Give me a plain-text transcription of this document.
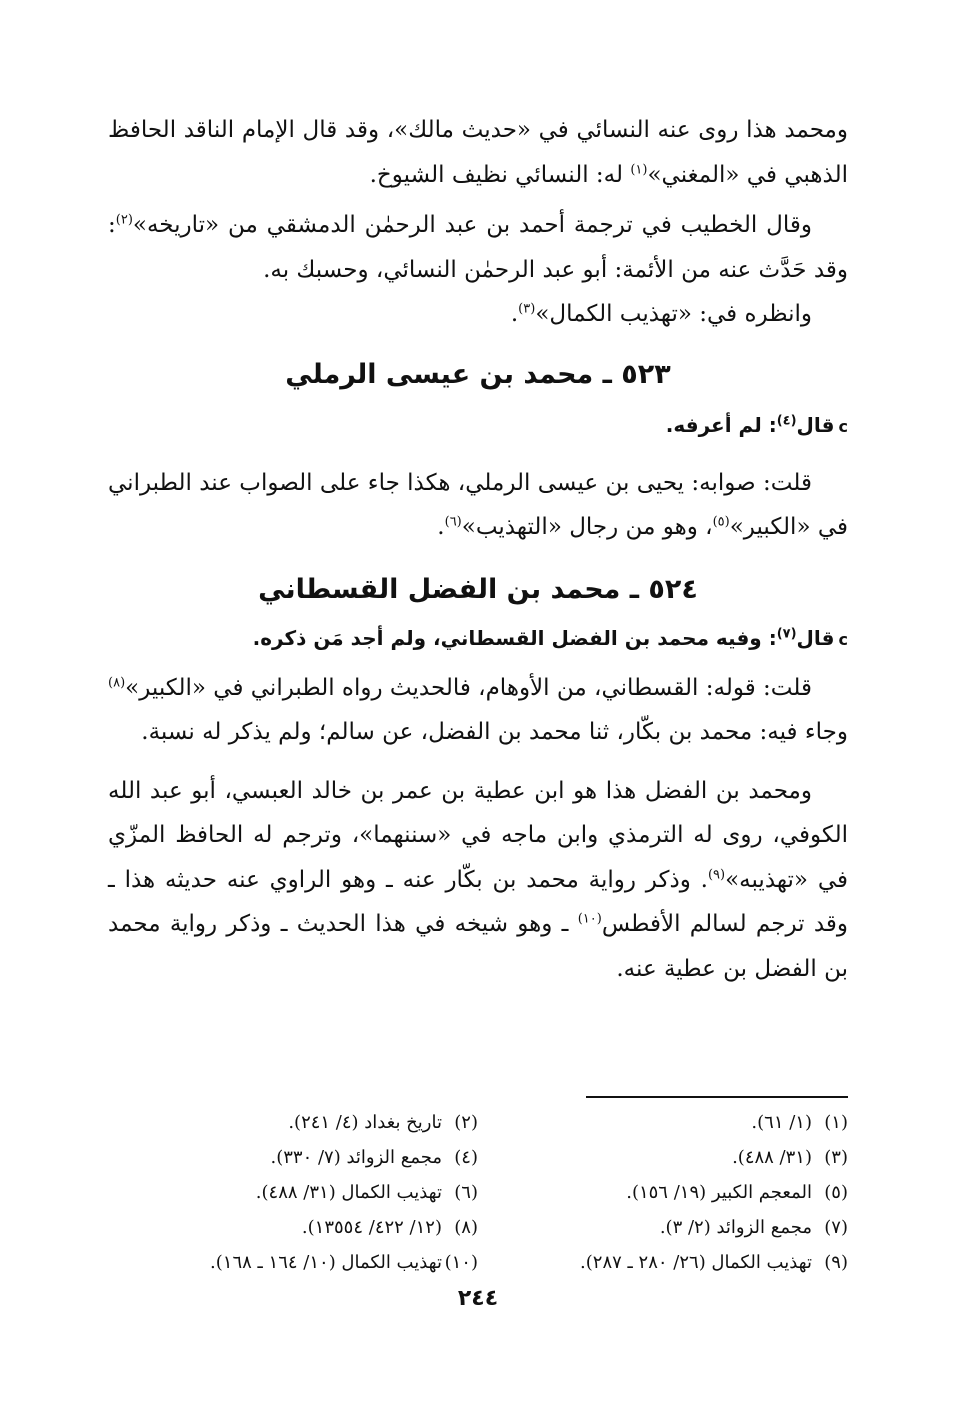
ومحمد هذا روى عنه النسائي في «حديث مالك»، وقد قال الإمام الناقد الحافظ الذهبي في «المغني»$^{(١)}$ له: النسائي نظيف الشيوخ.

وقال الخطيب في ترجمة أحمد بن عبد الرحمٰن الدمشقي من «تاريخه»$^{(٢)}$: وقد حَدَّث عنه من الأئمة: أبو عبد الرحمٰن النسائي، وحسبك به.

وانظره في: «تهذيب الكمال»$^{(٣)}$.

٥٢٣ ـ محمد بن عيسى الرملي

cقال$^{(٤)}$: لم أعرفه.

قلت: صوابه: يحيى بن عيسى الرملي، هكذا جاء على الصواب عند الطبراني في «الكبير»$^{(٥)}$، وهو من رجال «التهذيب»$^{(٦)}$.

٥٢٤ ـ محمد بن الفضل القسطاني

cقال$^{(٧)}$: وفيه محمد بن الفضل القسطاني، ولم أجد مَن ذكره.

قلت: قوله: القسطاني، من الأوهام، فالحديث رواه الطبراني في «الكبير»$^{(٨)}$ وجاء فيه: محمد بن بكّار، ثنا محمد بن الفضل، عن سالم؛ ولم يذكر له نسبة.

ومحمد بن الفضل هذا هو ابن عطية بن عمر بن خالد العبسي، أبو عبد الله الكوفي، روى له الترمذي وابن ماجه في «سننهما»، وترجم له الحافظ المزّي في «تهذيبه»$^{(٩)}$. وذكر رواية محمد بن بكّار عنه ـ وهو الراوي عنه حديثه هذا ـ وقد ترجم لسالم الأفطس$^{(١٠)}$ ـ وهو شيخه في هذا الحديث ـ وذكر رواية محمد بن الفضل بن عطية عنه.

(١)(١/ ٦١).
(٢)تاريخ بغداد (٤/ ٢٤١).
(٣)(٣١/ ٤٨٨).
(٤)مجمع الزوائد (٧/ ٣٣٠).
(٥)المعجم الكبير (١٩/ ١٥٦).
(٦)تهذيب الكمال (٣١/ ٤٨٨).
(٧)مجمع الزوائد (٢/ ٣).
(٨)(١٢/ ٤٢٢/ ١٣٥٥٤).
(٩)تهذيب الكمال (٢٦/ ٢٨٠ ـ ٢٨٧).
(١٠)تهذيب الكمال (١٠/ ١٦٤ ـ ١٦٨).
٢٤٤
